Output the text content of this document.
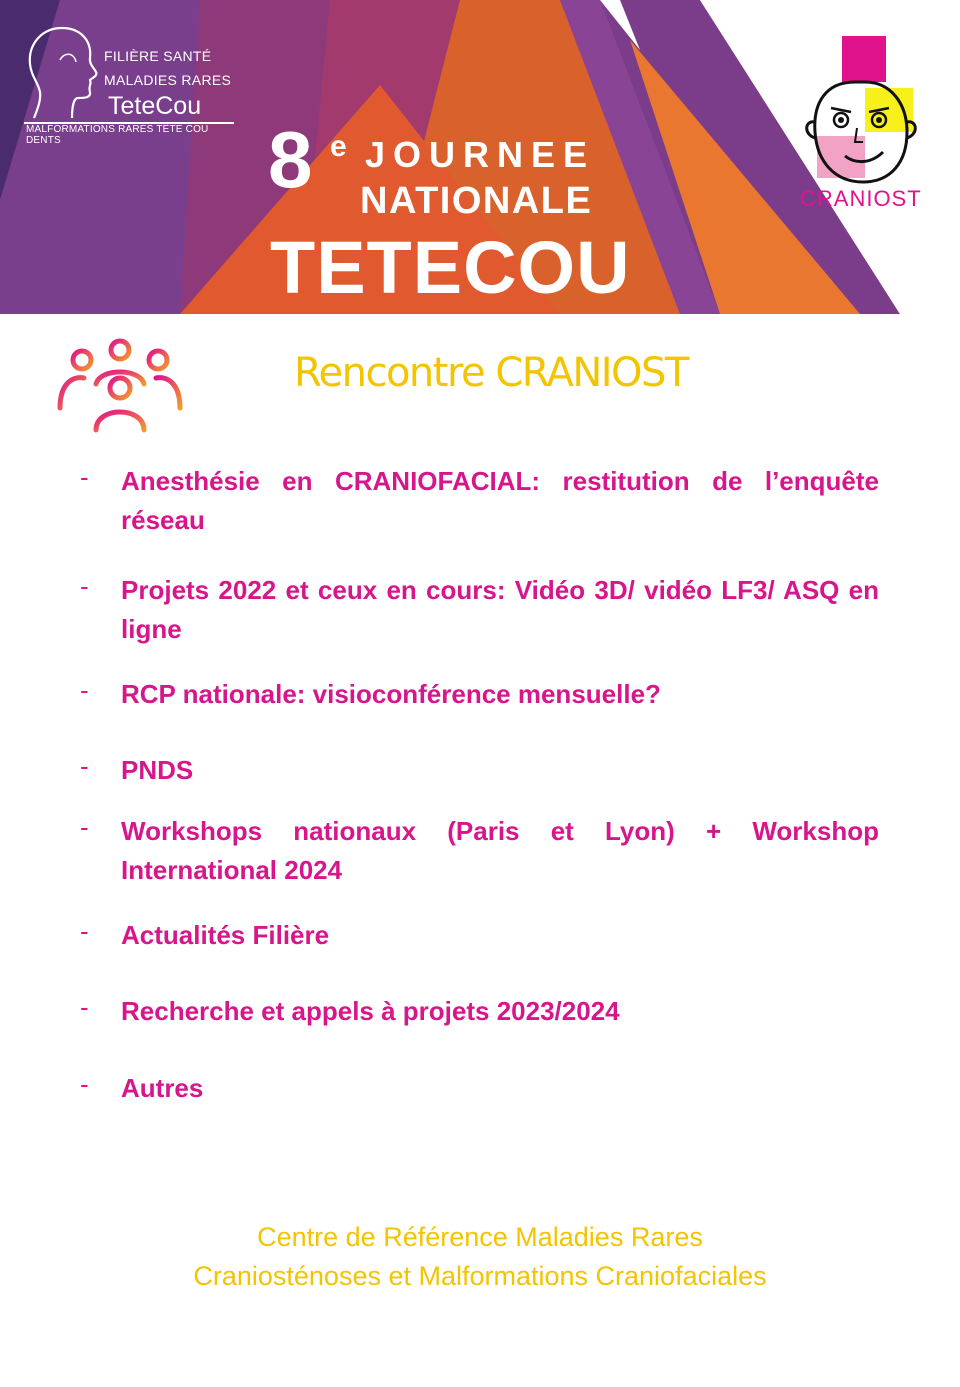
FILIÈRE SANTÉ
MALADIES RARES
TeteCou
MALFORMATIONS RARES TÊTE COU DENTS	8 e JOURNEE
NATIONALE
TETECOU
CRANIOST
Rencontre CRANIOST
- Anesthésie en CRANIOFACIAL: restitution de l’enquête réseau
- Projets 2022 et ceux en cours: Vidéo 3D/ vidéo LF3/ ASQ en ligne
- RCP nationale: visioconférence mensuelle?
- PNDS
- Workshops nationaux (Paris et Lyon) + Workshop International 2024
- Actualités Filière
- Recherche et appels à projets 2023/2024
- Autres
Centre de Référence Maladies Rares
Craniosténoses et Malformations Craniofaciales
